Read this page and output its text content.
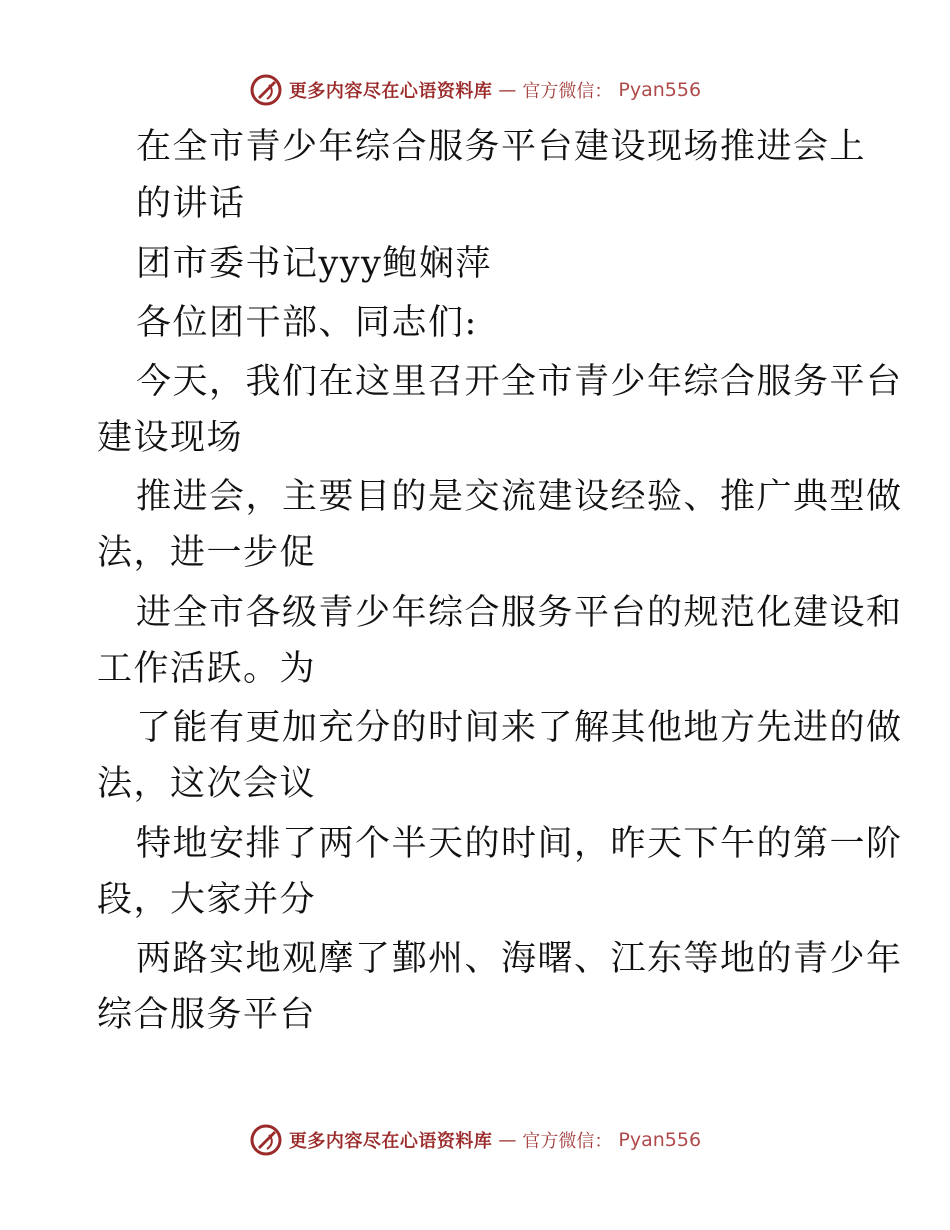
更多内容尽在心语资料库 — 官方微信： Pyan556
在全市青少年综合服务平台建设现场推进会上
的讲话
团市委书记yyy鲍娴萍
各位团干部、同志们:
今天，我们在这里召开全市青少年综合服务平台
建设现场
推进会，主要目的是交流建设经验、推广典型做
法，进一步促
进全市各级青少年综合服务平台的规范化建设和
工作活跃。为
了能有更加充分的时间来了解其他地方先进的做
法，这次会议
特地安排了两个半天的时间，昨天下午的第一阶
段，大家并分
两路实地观摩了鄞州、海曙、江东等地的青少年
综合服务平台
更多内容尽在心语资料库 — 官方微信： Pyan556
